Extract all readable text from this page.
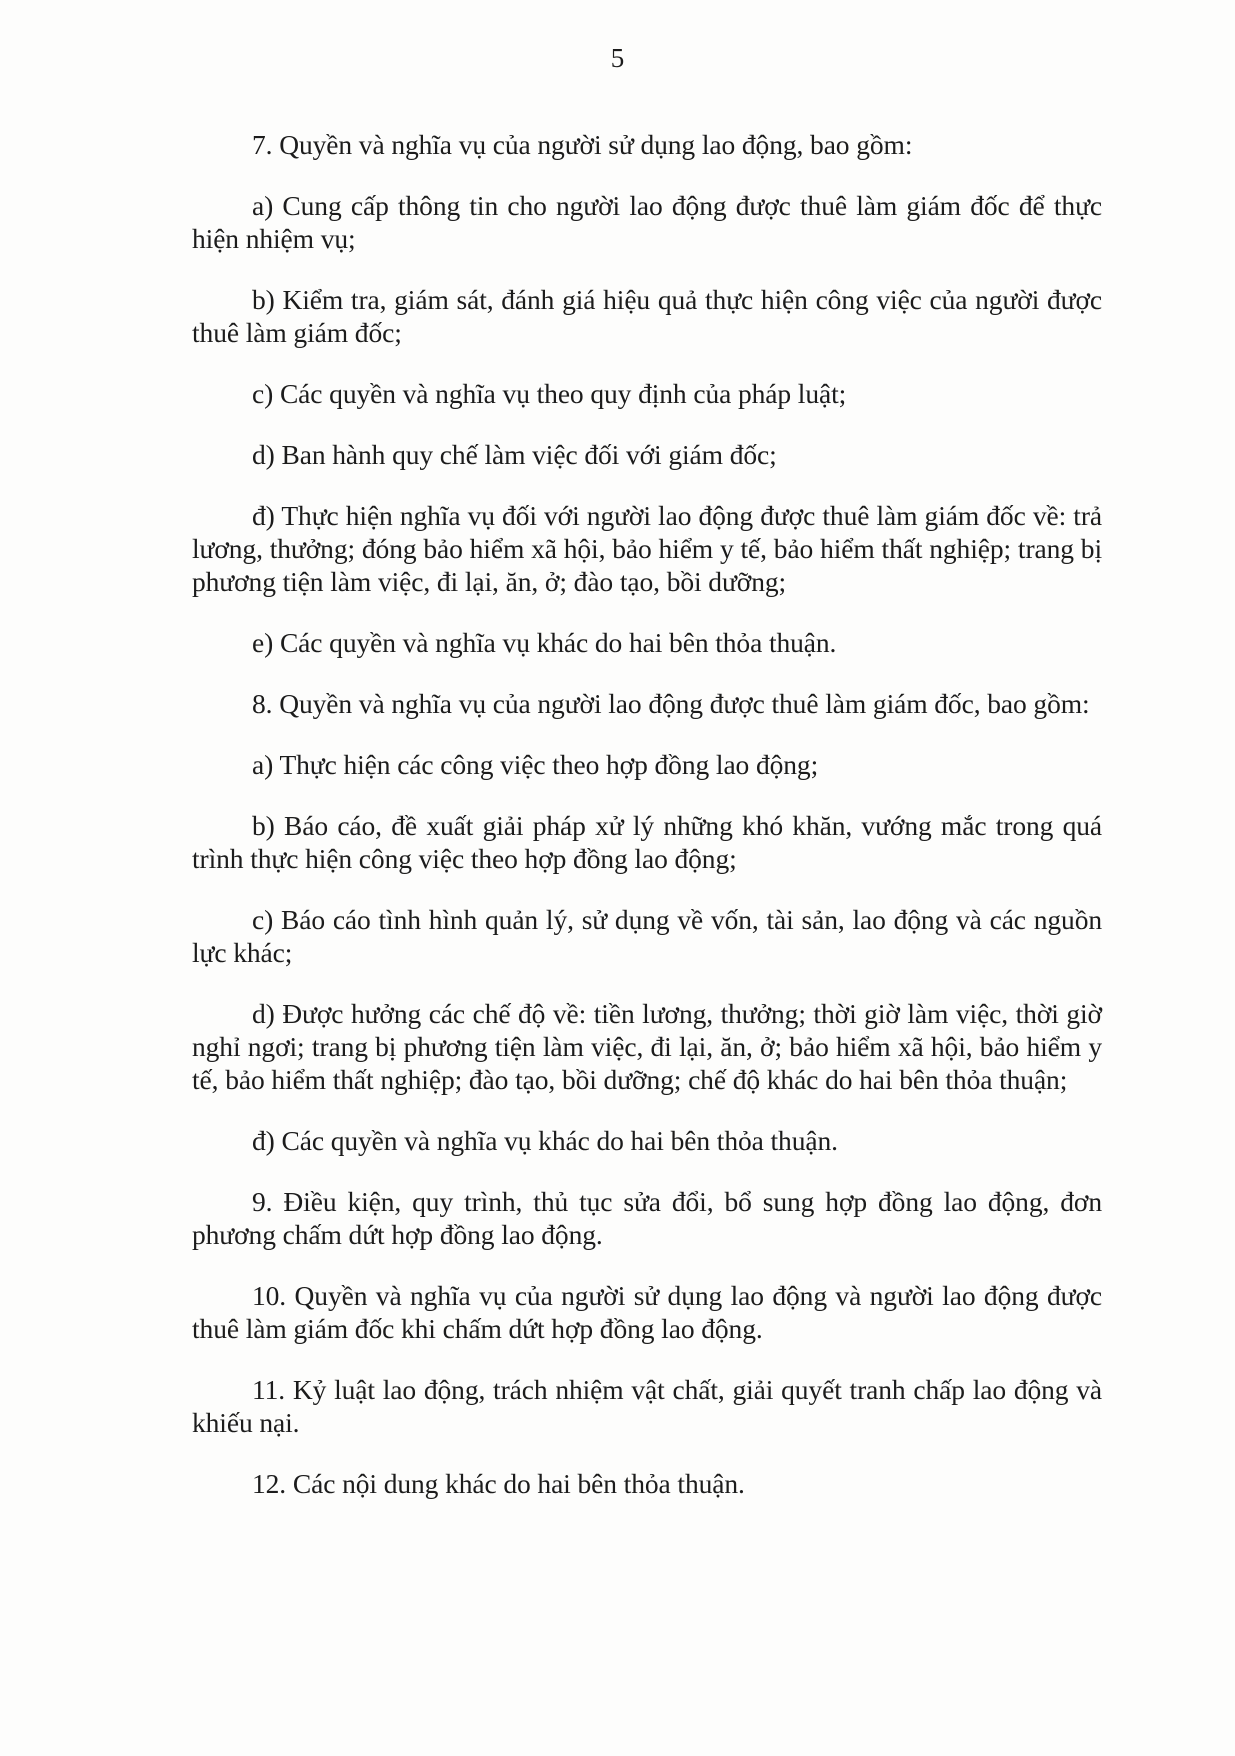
5

7. Quyền và nghĩa vụ của người sử dụng lao động, bao gồm:

a) Cung cấp thông tin cho người lao động được thuê làm giám đốc để thực hiện nhiệm vụ;

b) Kiểm tra, giám sát, đánh giá hiệu quả thực hiện công việc của người được thuê làm giám đốc;

c) Các quyền và nghĩa vụ theo quy định của pháp luật;

d) Ban hành quy chế làm việc đối với giám đốc;

đ) Thực hiện nghĩa vụ đối với người lao động được thuê làm giám đốc về: trả lương, thưởng; đóng bảo hiểm xã hội, bảo hiểm y tế, bảo hiểm thất nghiệp; trang bị phương tiện làm việc, đi lại, ăn, ở; đào tạo, bồi dưỡng;

e) Các quyền và nghĩa vụ khác do hai bên thỏa thuận.

8. Quyền và nghĩa vụ của người lao động được thuê làm giám đốc, bao gồm:

a) Thực hiện các công việc theo hợp đồng lao động;

b) Báo cáo, đề xuất giải pháp xử lý những khó khăn, vướng mắc trong quá trình thực hiện công việc theo hợp đồng lao động;

c) Báo cáo tình hình quản lý, sử dụng về vốn, tài sản, lao động và các nguồn lực khác;

d) Được hưởng các chế độ về: tiền lương, thưởng; thời giờ làm việc, thời giờ nghỉ ngơi; trang bị phương tiện làm việc, đi lại, ăn, ở; bảo hiểm xã hội, bảo hiểm y tế, bảo hiểm thất nghiệp; đào tạo, bồi dưỡng; chế độ khác do hai bên thỏa thuận;

đ) Các quyền và nghĩa vụ khác do hai bên thỏa thuận.

9. Điều kiện, quy trình, thủ tục sửa đổi, bổ sung hợp đồng lao động, đơn phương chấm dứt hợp đồng lao động.

10. Quyền và nghĩa vụ của người sử dụng lao động và người lao động được thuê làm giám đốc khi chấm dứt hợp đồng lao động.

11. Kỷ luật lao động, trách nhiệm vật chất, giải quyết tranh chấp lao động và khiếu nại.

12. Các nội dung khác do hai bên thỏa thuận.
